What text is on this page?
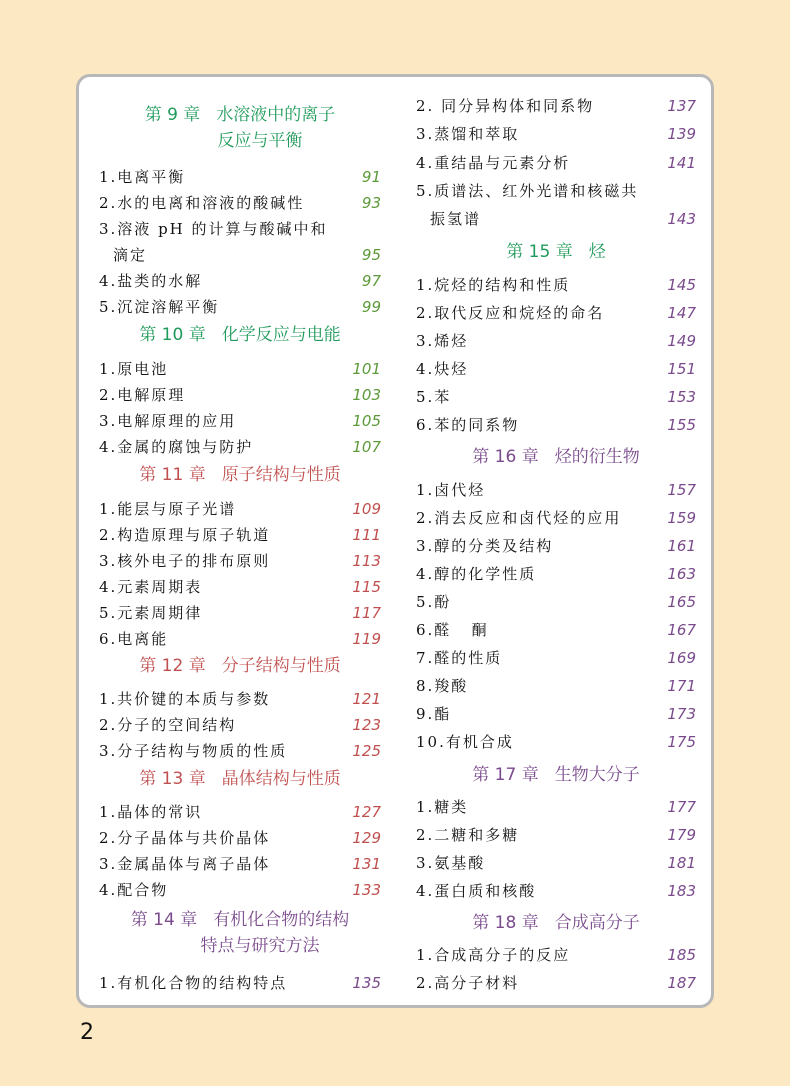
第 9 章 水溶液中的离子
反应与平衡
1.电离平衡	91
2.水的电离和溶液的酸碱性	93
3.溶液 pH 的计算与酸碱中和
滴定	95
4.盐类的水解	97
5.沉淀溶解平衡	99
第 10 章 化学反应与电能
1.原电池	101
2.电解原理	103
3.电解原理的应用	105
4.金属的腐蚀与防护	107
第 11 章 原子结构与性质
1.能层与原子光谱	109
2.构造原理与原子轨道	111
3.核外电子的排布原则	113
4.元素周期表	115
5.元素周期律	117
6.电离能	119
第 12 章 分子结构与性质
1.共价键的本质与参数	121
2.分子的空间结构	123
3.分子结构与物质的性质	125
第 13 章 晶体结构与性质
1.晶体的常识	127
2.分子晶体与共价晶体	129
3.金属晶体与离子晶体	131
4.配合物	133
第 14 章 有机化合物的结构
特点与研究方法
1.有机化合物的结构特点	135
2. 同分异构体和同系物	137
3.蒸馏和萃取	139
4.重结晶与元素分析	141
5.质谱法、红外光谱和核磁共
振氢谱	143
第 15 章 烃
1.烷烃的结构和性质	145
2.取代反应和烷烃的命名	147
3.烯烃	149
4.炔烃	151
5.苯	153
6.苯的同系物	155
第 16 章 烃的衍生物
1.卤代烃	157
2.消去反应和卤代烃的应用	159
3.醇的分类及结构	161
4.醇的化学性质	163
5.酚	165
6.醛   酮	167
7.醛的性质	169
8.羧酸	171
9.酯	173
10.有机合成	175
第 17 章 生物大分子
1.糖类	177
2.二糖和多糖	179
3.氨基酸	181
4.蛋白质和核酸	183
第 18 章 合成高分子
1.合成高分子的反应	185
2.高分子材料	187
2
